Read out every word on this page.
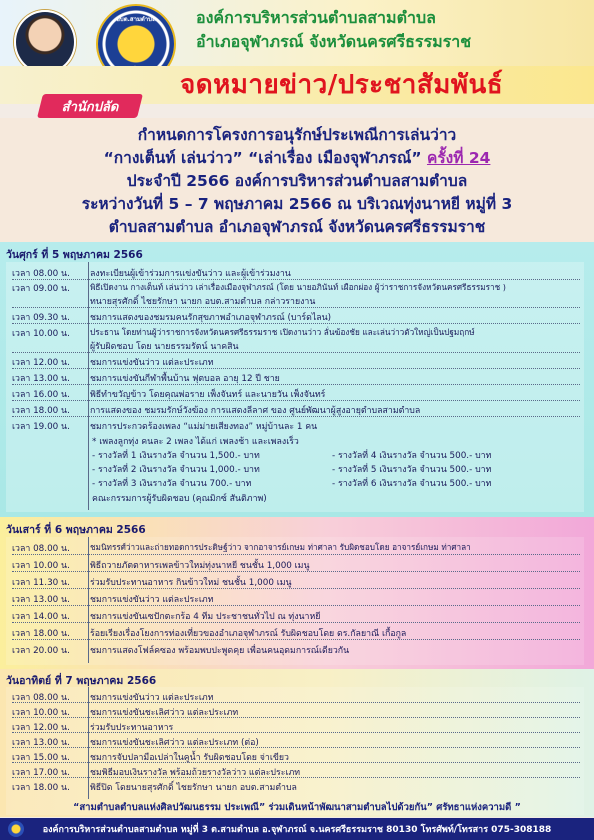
อบต.สามตำบล	องค์การบริหารส่วนตำบลสามตำบล
อำเภอจุฬาภรณ์ จังหวัดนครศรีธรรมราช
จดหมายข่าว/ประชาสัมพันธ์
สำนักปลัด
กำหนดการโครงการอนุรักษ์ประเพณีการเล่นว่าว
“กางเต็นท์ เล่นว่าว” “เล่าเรื่อง เมืองจุฬาภรณ์” ครั้งที่ 24
ประจำปี 2566 องค์การบริหารส่วนตำบลสามตำบล
ระหว่างวันที่ 5 – 7 พฤษภาคม 2566 ณ บริเวณทุ่งนาหยี หมู่ที่ 3
ตำบลสามตำบล อำเภอจุฬาภรณ์ จังหวัดนครศรีธรรมราช
วันศุกร์ ที่ 5 พฤษภาคม 2566
เวลา 08.00 น. ลงทะเบียนผู้เข้าร่วมการแข่งขันว่าว และผู้เข้าร่วมงาน
เวลา 09.00 น. พิธีเปิดงาน กางเต็นท์ เล่นว่าว เล่าเรื่องเมืองจุฬาภรณ์ (โดย นายอภินันท์ เผือกผ่อง ผู้ว่าราชการจังหวัดนครศรีธรรมราช )
ทนายสุรศักดิ์ ไชยรักษา นายก อบต.สามตำบล กล่าวรายงาน
เวลา 09.30 น. ชมการแสดงของชมรมคนรักสุขภาพอำเภอจุฬาภรณ์ (บาร์ดไลน)
เวลา 10.00 น. ประธาน โดยท่านผู้ว่าราชการจังหวัดนครศรีธรรมราช เปิดงานว่าว ลั่นฆ้องชัย และเล่นว่าวตัวใหญ่เป็นปฐมฤกษ์
ผู้รับผิดชอบ โดย นายธรรมรัตน์ นาคสิน
เวลา 12.00 น. ชมการแข่งขันว่าว แต่ละประเภท
เวลา 13.00 น. ชมการแข่งขันกีฬาพื้นบ้าน ฟุตบอล อายุ 12 ปี ชาย
เวลา 16.00 น. พิธีทำขวัญข้าว โดยคุณพ่อราย เพ็งจันทร์ และนายวัน เพ็งจันทร์
เวลา 18.00 น. การแสดงของ ชมรมรักษ์วังฆ้อง การแสดงลีลาศ ของ ศูนย์พัฒนาผู้สูงอายุตำบลสามตำบล
เวลา 19.00 น. ชมการประกวดร้องเพลง “แม่ม่ายเสียงทอง” หมู่บ้านละ 1 คน
* เพลงลูกทุ่ง คนละ 2 เพลง ได้แก่ เพลงช้า และเพลงเร็ว
- รางวัลที่ 1 เงินรางวัล จำนวน 1,500.- บาท
- รางวัลที่ 2 เงินรางวัล จำนวน 1,000.- บาท
- รางวัลที่ 3 เงินรางวัล จำนวน 700.- บาท
- รางวัลที่ 4 เงินรางวัล จำนวน 500.- บาท
- รางวัลที่ 5 เงินรางวัล จำนวน 500.- บาท
- รางวัลที่ 6 เงินรางวัล จำนวน 500.- บาท
คณะกรรมการผู้รับผิดชอบ (คุณมิกซ์ สันติภาพ)
วันเสาร์ ที่ 6 พฤษภาคม 2566
เวลา 08.00 น. ชมนิทรรศ์ว่าวและถ่ายทอดการประดิษฐ์ว่าว จากอาจารย์เกษม ท่าศาลา รับผิดชอบโดย อาจารย์เกษม ท่าศาลา
เวลา 10.00 น. พิธีถวายภัตตาหารเพลข้าวใหม่ทุ่งนาหยี ชนชั้น 1,000 เมนู
เวลา 11.30 น. ร่วมรับประทานอาหาร กินข้าวใหม่ ชนชั้น 1,000 เมนู
เวลา 13.00 น. ชมการแข่งขันว่าว แต่ละประเภท
เวลา 14.00 น. ชมการแข่งขันเซปักตะกร้อ 4 ทีม ประชาชนทั่วไป ณ ทุ่งนาหยี
เวลา 18.00 น. ร้อยเรียงเรื่องโยงการท่องเที่ยวของอำเภอจุฬาภรณ์ รับผิดชอบโดย ดร.กัลยาณี เกื้อกูล
เวลา 20.00 น. ชมการแสดงโฟล์คซอง พร้อมพบปะพูดคุย เพื่อนคนอุดมการณ์เดียวกัน
วันอาทิตย์ ที่ 7 พฤษภาคม 2566
เวลา 08.00 น. ชมการแข่งขันว่าว แต่ละประเภท
เวลา 10.00 น. ชมการแข่งขันชะเลิศว่าว แต่ละประเภท
เวลา 12.00 น. ร่วมรับประทานอาหาร
เวลา 13.00 น. ชมการแข่งขันชะเลิศว่าว แต่ละประเภท (ต่อ)
เวลา 15.00 น. ชมการจับปลามือเปล่าในคูน้ำ รับผิดชอบโดย จ่าเขียว
เวลา 17.00 น. ชมพิธีมอบเงินรางวัล พร้อมถ้วยรางวัลว่าว แต่ละประเภท
เวลา 18.00 น. พิธีปิด โดยนายสุรศักดิ์ ไชยรักษา นายก อบต.สามตำบล
“สามตำบลตำบลแห่งศิลปวัฒนธรรม ประเพณี” ร่วมเดินหน้าพัฒนาสามตำบลไปด้วยกัน” ศรัทธาแห่งความดี ”
องค์การบริหารส่วนตำบลสามตำบล หมู่ที่ 3 ต.สามตำบล อ.จุฬาภรณ์ จ.นครศรีธรรมราช 80130 โทรศัพท์/โทรสาร 075-308188
